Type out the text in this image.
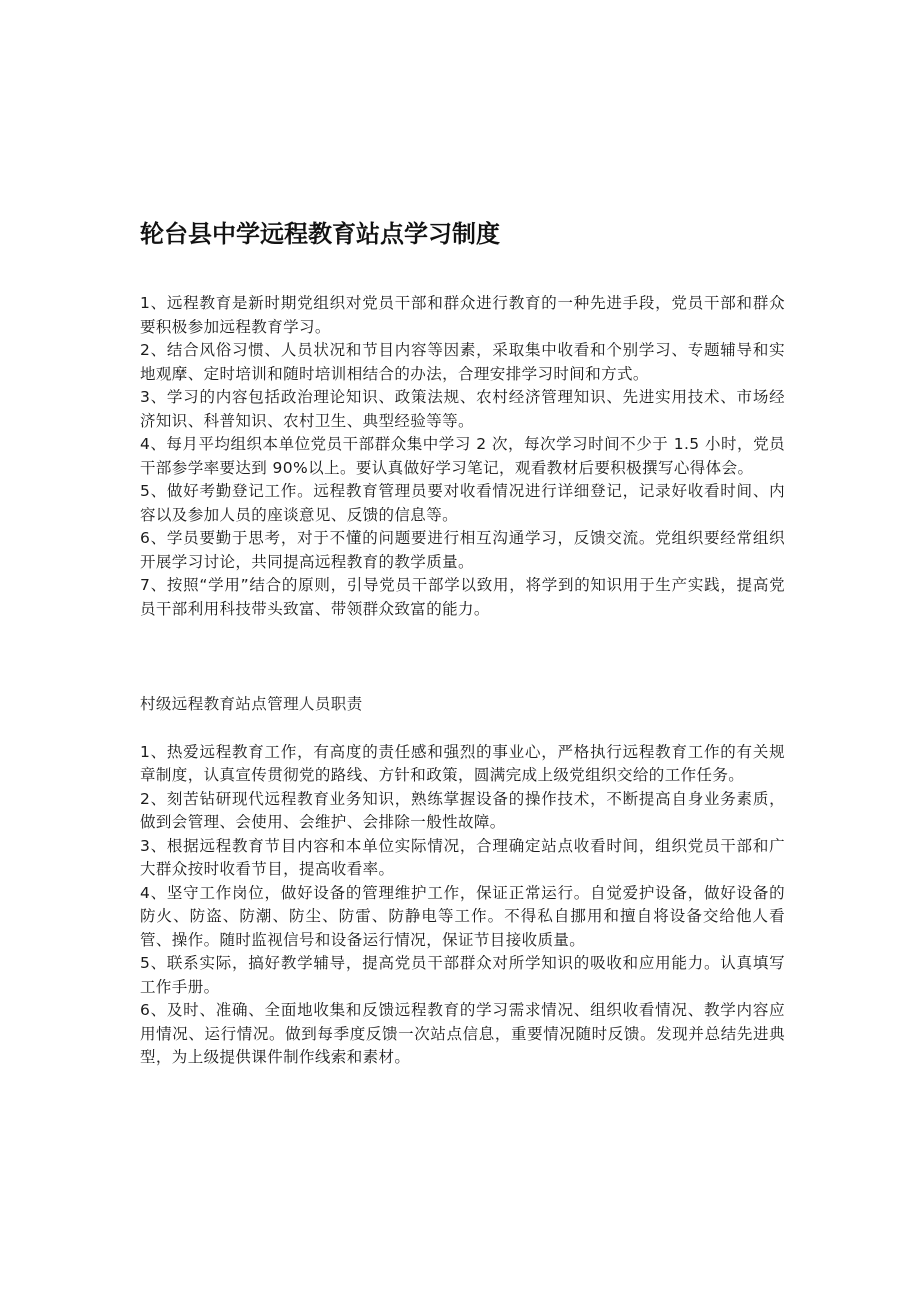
轮台县中学远程教育站点学习制度

1、远程教育是新时期党组织对党员干部和群众进行教育的一种先进手段，党员干部和群众要积极参加远程教育学习。

2、结合风俗习惯、人员状况和节目内容等因素，采取集中收看和个别学习、专题辅导和实地观摩、定时培训和随时培训相结合的办法，合理安排学习时间和方式。

3、学习的内容包括政治理论知识、政策法规、农村经济管理知识、先进实用技术、市场经济知识、科普知识、农村卫生、典型经验等等。

4、每月平均组织本单位党员干部群众集中学习 2 次，每次学习时间不少于 1.5 小时，党员干部参学率要达到 90%以上。要认真做好学习笔记，观看教材后要积极撰写心得体会。

5、做好考勤登记工作。远程教育管理员要对收看情况进行详细登记，记录好收看时间、内容以及参加人员的座谈意见、反馈的信息等。

6、学员要勤于思考，对于不懂的问题要进行相互沟通学习，反馈交流。党组织要经常组织开展学习讨论，共同提高远程教育的教学质量。

7、按照“学用”结合的原则，引导党员干部学以致用，将学到的知识用于生产实践，提高党员干部利用科技带头致富、带领群众致富的能力。

村级远程教育站点管理人员职责

1、热爱远程教育工作，有高度的责任感和强烈的事业心，严格执行远程教育工作的有关规章制度，认真宣传贯彻党的路线、方针和政策，圆满完成上级党组织交给的工作任务。

2、刻苦钻研现代远程教育业务知识，熟练掌握设备的操作技术，不断提高自身业务素质，做到会管理、会使用、会维护、会排除一般性故障。

3、根据远程教育节目内容和本单位实际情况，合理确定站点收看时间，组织党员干部和广大群众按时收看节目，提高收看率。

4、坚守工作岗位，做好设备的管理维护工作，保证正常运行。自觉爱护设备，做好设备的防火、防盗、防潮、防尘、防雷、防静电等工作。不得私自挪用和擅自将设备交给他人看管、操作。随时监视信号和设备运行情况，保证节目接收质量。

5、联系实际，搞好教学辅导，提高党员干部群众对所学知识的吸收和应用能力。认真填写工作手册。

6、及时、准确、全面地收集和反馈远程教育的学习需求情况、组织收看情况、教学内容应用情况、运行情况。做到每季度反馈一次站点信息，重要情况随时反馈。发现并总结先进典型，为上级提供课件制作线索和素材。
